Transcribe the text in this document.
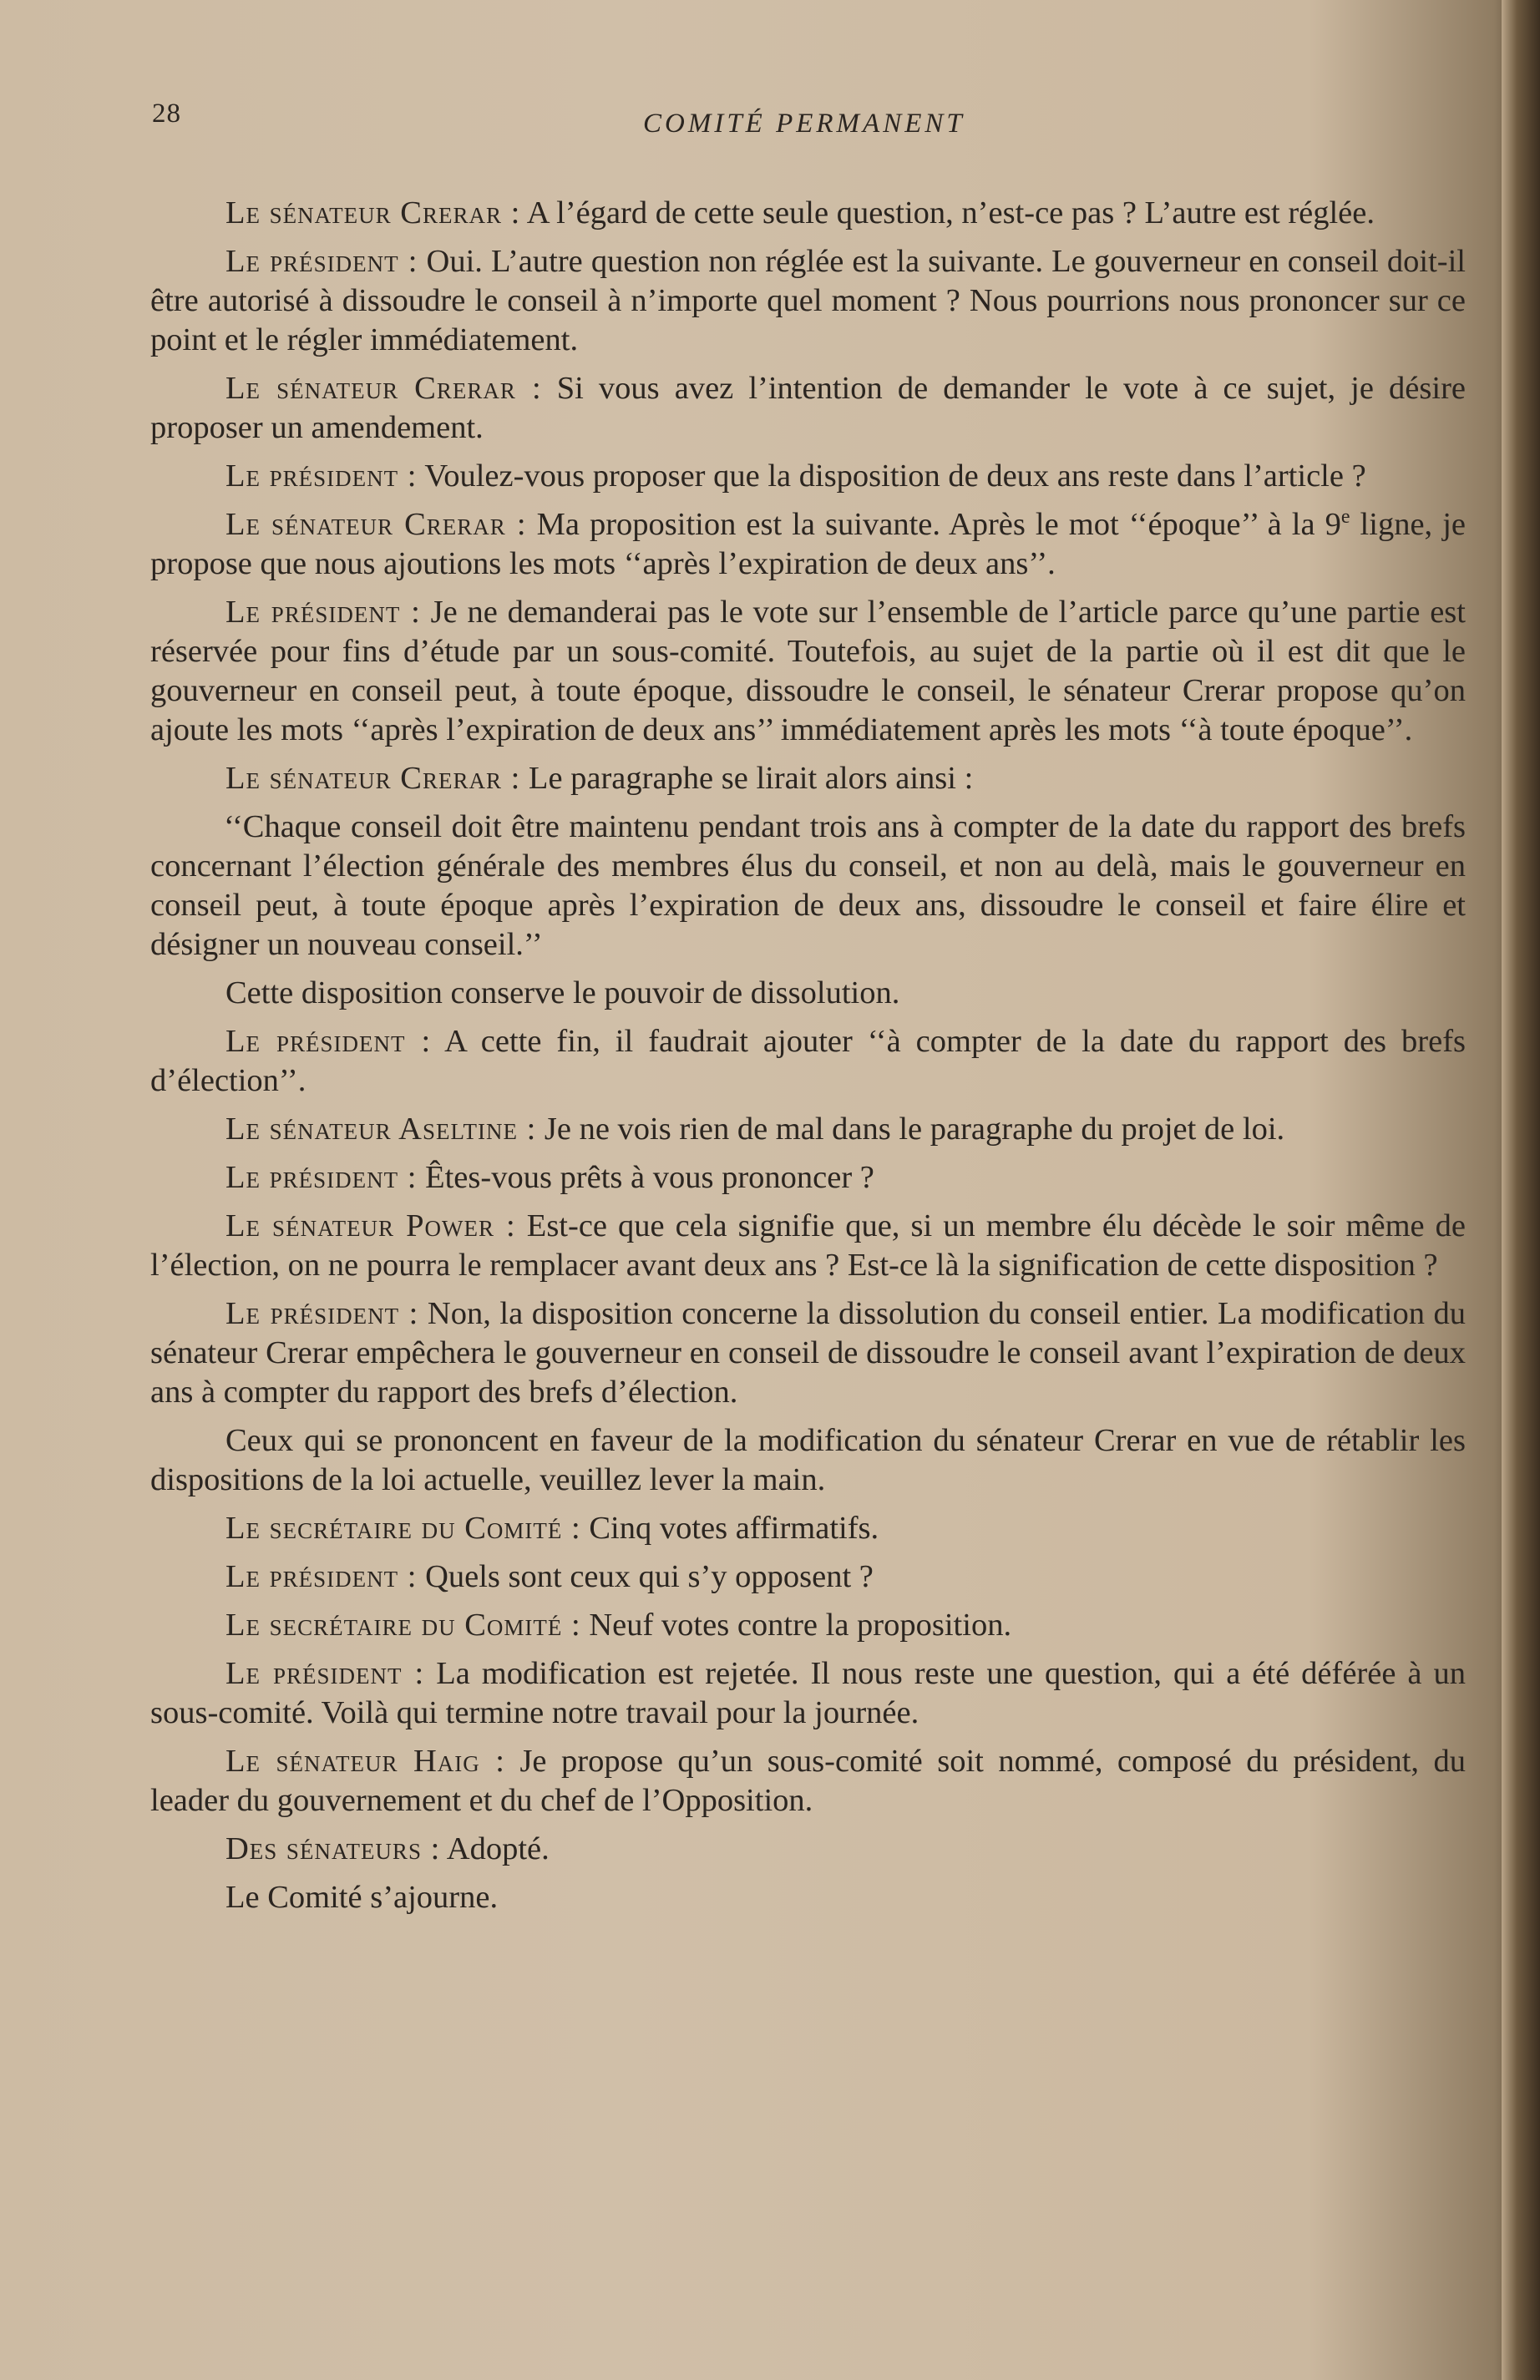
28	COMITÉ PERMANENT

Le sénateur Crerar : A l’égard de cette seule question, n’est-ce pas ? L’autre est réglée.

Le président : Oui. L’autre question non réglée est la suivante. Le gouverneur en conseil doit-il être autorisé à dissoudre le conseil à n’importe quel moment ? Nous pourrions nous prononcer sur ce point et le régler immédiatement.

Le sénateur Crerar : Si vous avez l’intention de demander le vote à ce sujet, je désire proposer un amendement.

Le président : Voulez-vous proposer que la disposition de deux ans reste dans l’article ?

Le sénateur Crerar : Ma proposition est la suivante. Après le mot ‘‘époque’’ à la 9e ligne, je propose que nous ajoutions les mots ‘‘après l’expiration de deux ans’’.

Le président : Je ne demanderai pas le vote sur l’ensemble de l’article parce qu’une partie est réservée pour fins d’étude par un sous-comité. Toutefois, au sujet de la partie où il est dit que le gouverneur en conseil peut, à toute époque, dissoudre le conseil, le sénateur Crerar propose qu’on ajoute les mots ‘‘après l’expiration de deux ans’’ immédiatement après les mots ‘‘à toute époque’’.

Le sénateur Crerar : Le paragraphe se lirait alors ainsi :

‘‘Chaque conseil doit être maintenu pendant trois ans à compter de la date du rapport des brefs concernant l’élection générale des membres élus du conseil, et non au delà, mais le gouverneur en conseil peut, à toute époque après l’expiration de deux ans, dissoudre le conseil et faire élire et désigner un nouveau conseil.’’

Cette disposition conserve le pouvoir de dissolution.

Le président : A cette fin, il faudrait ajouter ‘‘à compter de la date du rapport des brefs d’élection’’.

Le sénateur Aseltine : Je ne vois rien de mal dans le paragraphe du projet de loi.

Le président : Êtes-vous prêts à vous prononcer ?

Le sénateur Power : Est-ce que cela signifie que, si un membre élu décède le soir même de l’élection, on ne pourra le remplacer avant deux ans ? Est-ce là la signification de cette disposition ?

Le président : Non, la disposition concerne la dissolution du conseil entier. La modification du sénateur Crerar empêchera le gouverneur en conseil de dissoudre le conseil avant l’expiration de deux ans à compter du rapport des brefs d’élection.

Ceux qui se prononcent en faveur de la modification du sénateur Crerar en vue de rétablir les dispositions de la loi actuelle, veuillez lever la main.

Le secrétaire du Comité : Cinq votes affirmatifs.

Le président : Quels sont ceux qui s’y opposent ?

Le secrétaire du Comité : Neuf votes contre la proposition.

Le président : La modification est rejetée. Il nous reste une question, qui a été déférée à un sous-comité. Voilà qui termine notre travail pour la journée.

Le sénateur Haig : Je propose qu’un sous-comité soit nommé, composé du président, du leader du gouvernement et du chef de l’Opposition.

Des sénateurs : Adopté.

Le Comité s’ajourne.
